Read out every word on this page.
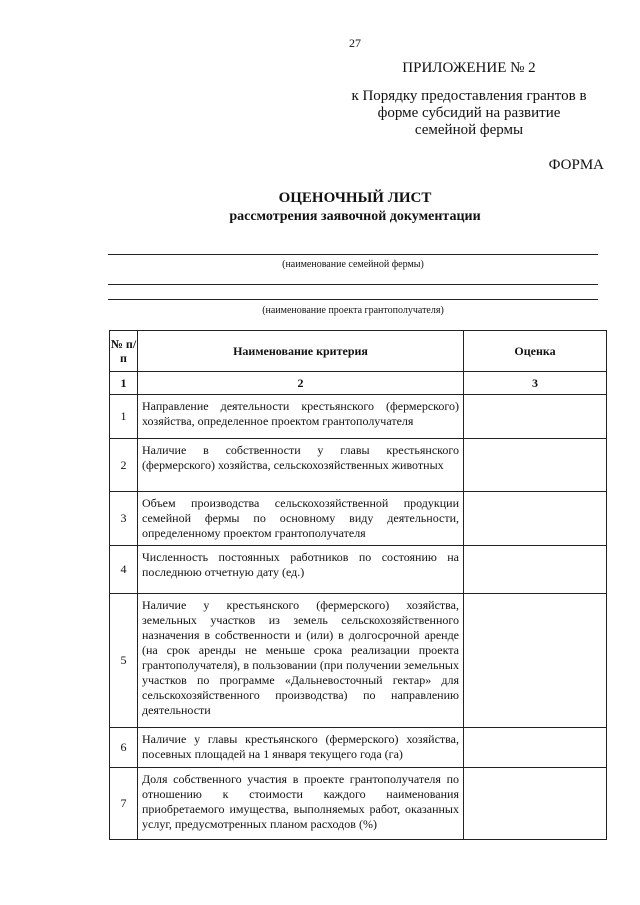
27
ПРИЛОЖЕНИЕ № 2
к Порядку предоставления грантов в
форме субсидий на развитие
семейной фермы
ФОРМА
ОЦЕНОЧНЫЙ ЛИСТ
рассмотрения заявочной документации
(наименование семейной фермы)
(наименование проекта грантополучателя)
№ п/п	Наименование критерия	Оценка
1	2	3
1	Направление деятельности крестьянского (фермерского) хозяйства, определенное проектом грантополучателя	
2	Наличие в собственности у главы крестьянского (фермерского) хозяйства, сельскохозяйственных животных	
3	Объем производства сельскохозяйственной продукции семейной фермы по основному виду деятельности, определенному проектом грантополучателя	
4	Численность постоянных работников по состоянию на последнюю отчетную дату (ед.)	
5	Наличие у крестьянского (фермерского) хозяйства, земельных участков из земель сельскохозяйственного назначения в собственности и (или) в долгосрочной аренде (на срок аренды не меньше срока реализации проекта грантополучателя), в пользовании (при получении земельных участков по программе «Дальневосточный гектар» для сельскохозяйственного производства) по направлению деятельности	
6	Наличие у главы крестьянского (фермерского) хозяйства, посевных площадей на 1 января текущего года (га)	
7	Доля собственного участия в проекте грантополучателя по отношению к стоимости каждого наименования приобретаемого имущества, выполняемых работ, оказанных услуг, предусмотренных планом расходов (%)	
